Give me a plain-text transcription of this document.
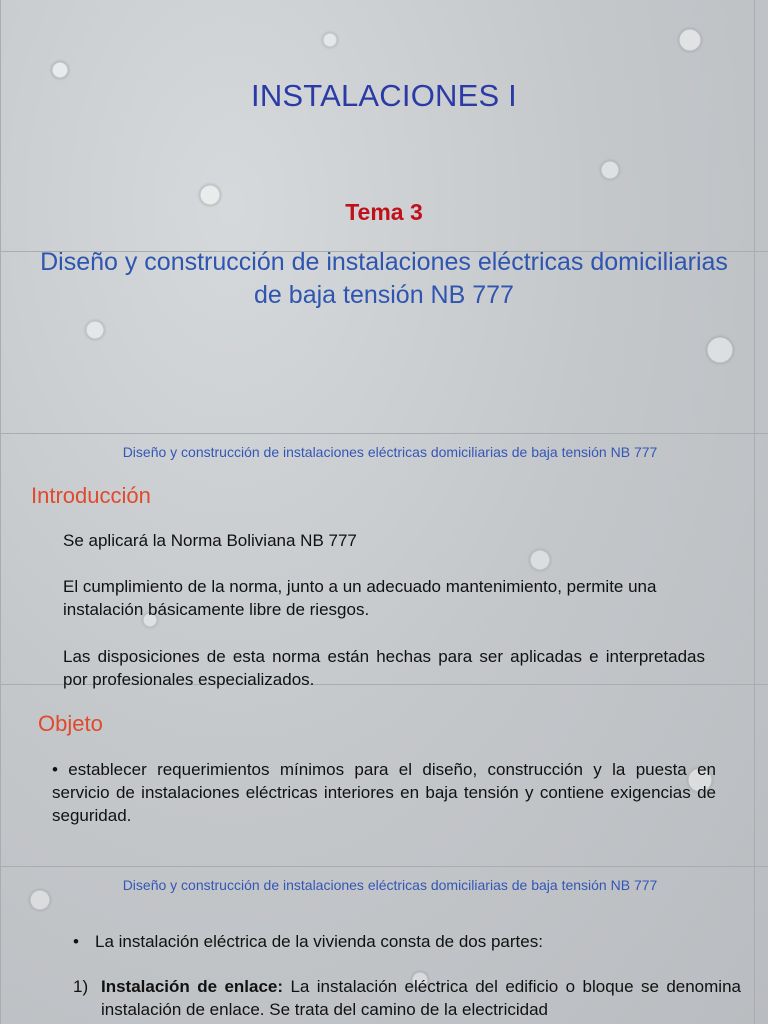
INSTALACIONES I
Tema 3
Diseño y construcción de instalaciones eléctricas domiciliarias de baja tensión NB 777
Diseño y construcción de instalaciones eléctricas domiciliarias de baja tensión NB 777
Introducción
Se aplicará la Norma Boliviana NB 777
El cumplimiento de la norma, junto a un adecuado mantenimiento, permite una instalación básicamente libre de riesgos.
Las disposiciones de esta norma están hechas para ser aplicadas e interpretadas por profesionales especializados.
Objeto
• establecer requerimientos mínimos para el diseño, construcción y la puesta en servicio de instalaciones eléctricas interiores en baja tensión y contiene exigencias de seguridad.
Diseño y construcción de instalaciones eléctricas domiciliarias de baja tensión NB 777
• La instalación eléctrica de la vivienda consta de dos partes:
1) Instalación de enlace: La instalación eléctrica del edificio o bloque se denomina instalación de enlace. Se trata del camino de la electricidad
